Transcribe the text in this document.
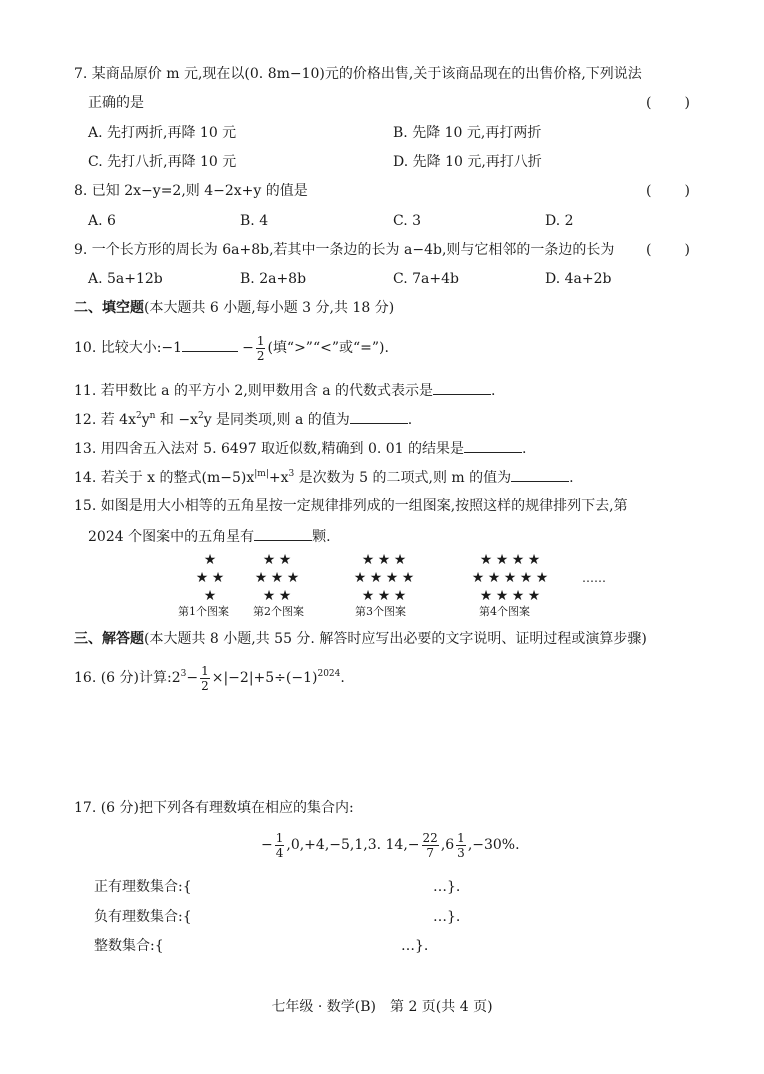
7. 某商品原价 m 元,现在以(0. 8m−10)元的价格出售,关于该商品现在的出售价格,下列说法
正确的是	( )
A. 先打两折,再降 10 元	B. 先降 10 元,再打两折
C. 先打八折,再降 10 元	D. 先降 10 元,再打八折
8. 已知 2x−y=2,则 4−2x+y 的值是	( )
A. 6	B. 4	C. 3	D. 2
9. 一个长方形的周长为 6a+8b,若其中一条边的长为 a−4b,则与它相邻的一条边的长为 ( )
A. 5a+12b	B. 2a+8b	C. 7a+4b	D. 4a+2b
二、填空题(本大题共 6 小题,每小题 3 分,共 18 分)
10. 比较大小:−1	− $\frac{1}{2}$ (填“>”“<”或“=”).
11. 若甲数比 a 的平方小 2,则甲数用含 a 的代数式表示是	.
12. 若 $4x^2y^n$ 和 $-x^2y$ 是同类项,则 a 的值为	.
13. 用四舍五入法对 5. 6497 取近似数,精确到 0. 01 的结果是	.
14. 若关于 x 的整式$(m-5)x^{|m|}+x^3$ 是次数为 5 的二项式,则 m 的值为	.
15. 如图是用大小相等的五角星按一定规律排列成的一组图案,按照这样的规律排列下去,第
2024 个图案中的五角星有	颗.
★
★ ★
★
★ ★
★ ★ ★
★ ★
★ ★ ★
★ ★ ★ ★
★ ★ ★
★ ★ ★ ★
★ ★ ★ ★ ★
★ ★ ★ ★
……
第1个图案 第2个图案	第3个图案	第4个图案
三、解答题(本大题共 8 小题,共 55 分. 解答时应写出必要的文字说明、证明过程或演算步骤)
16. (6 分)计算$:2^3- \frac{1}{2} \times|-2|+5\div(-1)^{2024}$.
17. (6 分)把下列各有理数填在相应的集合内:
− $\frac{1}{4} ,0,+4,-5,1,3$. $14,- \frac{22}{7} ,6 \frac{1}{3} ,-30\%$.
正有理数集合:{	…}.
负有理数集合:{	…}.
整数集合:{	…}.
七年级 · 数学(B)　第 2 页(共 4 页)
